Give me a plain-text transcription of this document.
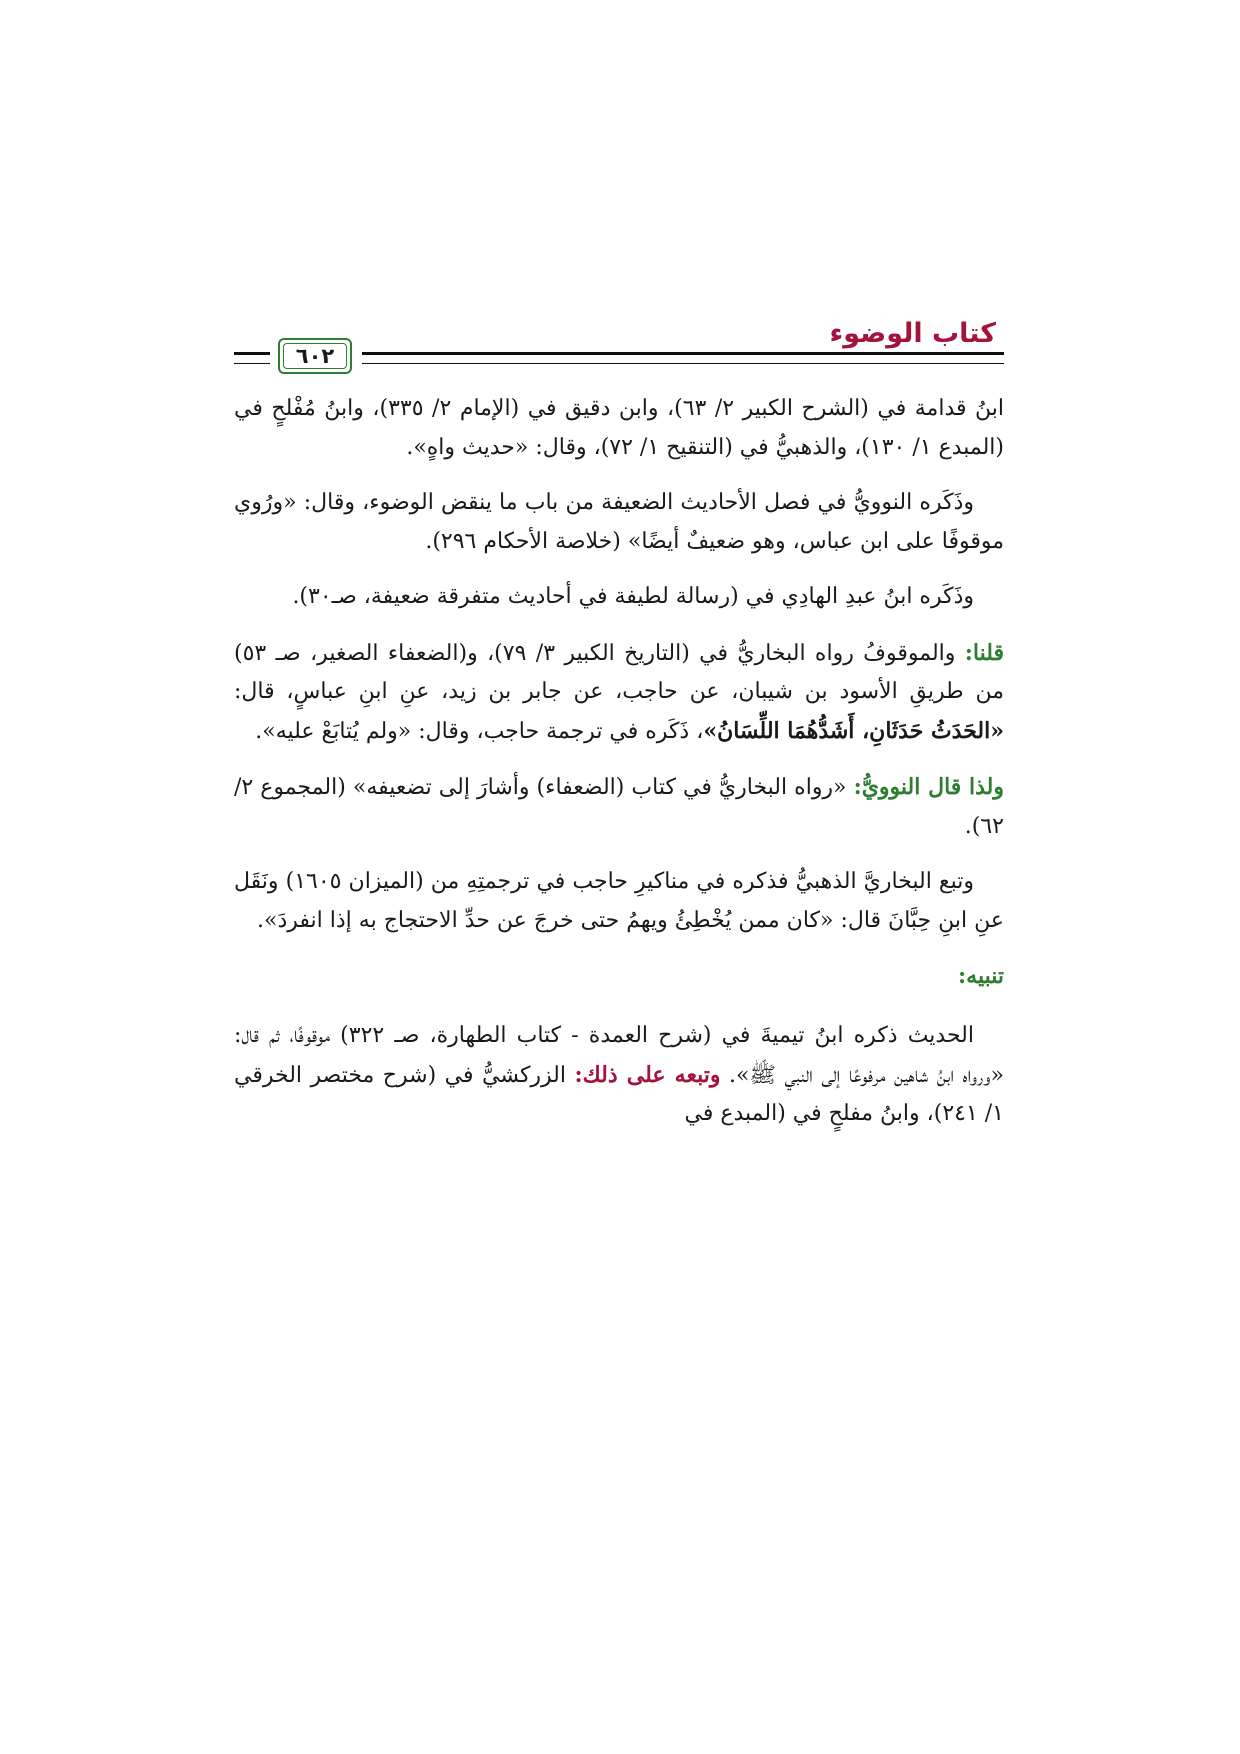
كتاب الوضوء
٦٠٢

ابنُ قدامة في (الشرح الكبير ٢/ ٦٣)، وابن دقيق في (الإمام ٢/ ٣٣٥)، وابنُ مُفْلحٍ في (المبدع ١/ ١٣٠)، والذهبيُّ في (التنقيح ١/ ٧٢)، وقال: «حديث واهٍ».

وذَكَره النوويُّ في فصل الأحاديث الضعيفة من باب ما ينقض الوضوء، وقال: «ورُوي موقوفًا على ابن عباس، وهو ضعيفٌ أيضًا» (خلاصة الأحكام ٢٩٦).

وذَكَره ابنُ عبدِ الهادِي في (رسالة لطيفة في أحاديث متفرقة ضعيفة، صـ٣٠).

قلنا: والموقوفُ رواه البخاريُّ في (التاريخ الكبير ٣/ ٧٩)، و(الضعفاء الصغير، صـ ٥٣) من طريقِ الأسود بن شيبان، عن حاجب، عن جابر بن زيد، عنِ ابنِ عباسٍ، قال: «الحَدَثُ حَدَثَانِ، أَشَدُّهُمَا اللِّسَانُ»، ذَكَره في ترجمة حاجب، وقال: «ولم يُتابَعْ عليه».

ولذا قال النوويُّ: «رواه البخاريُّ في كتاب (الضعفاء) وأشارَ إلى تضعيفه» (المجموع ٢/ ٦٢).

وتبع البخاريَّ الذهبيُّ فذكره في مناكيرِ حاجب في ترجمتِهِ من (الميزان ١٦٠٥) ونَقَل عنِ ابنِ حِبَّانَ قال: «كان ممن يُخْطِئُ ويهمُ حتى خرجَ عن حدِّ الاحتجاج به إذا انفردَ».

تنبيه:

الحديث ذكره ابنُ تيميةَ في (شرح العمدة - كتاب الطهارة، صـ ٣٢٢) موقوفًا، ثم قال: «ورواه ابنُ شاهين مرفوعًا إلى النبي ﷺ». وتبعه على ذلك: الزركشيُّ في (شرح مختصر الخرقي ١/ ٢٤١)، وابنُ مفلحٍ في (المبدع في
